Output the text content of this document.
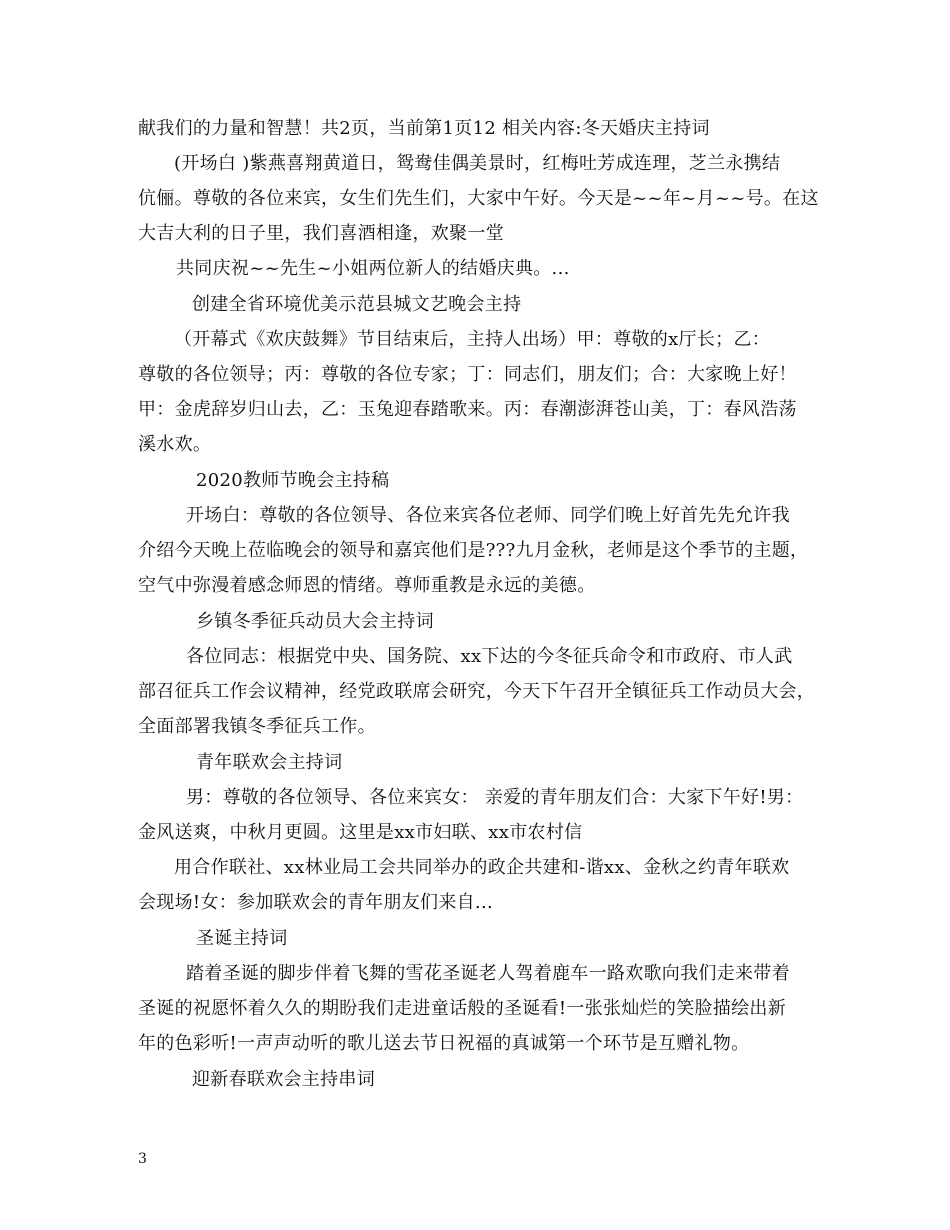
献我们的力量和智慧！共2页，当前第1页12 相关内容:冬天婚庆主持词
(开场白 )紫燕喜翔黄道日，鸳鸯佳偶美景时，红梅吐芳成连理，芝兰永携结
伉俪。尊敬的各位来宾，女生们先生们，大家中午好。今天是~~年~月~~号。在这
大吉大利的日子里，我们喜酒相逢，欢聚一堂
共同庆祝~~先生~小姐两位新人的结婚庆典。...
创建全省环境优美示范县城文艺晚会主持
（开幕式《欢庆鼓舞》节目结束后，主持人出场）甲：尊敬的x厅长；乙：
尊敬的各位领导；丙：尊敬的各位专家；丁：同志们，朋友们；合：大家晚上好！
甲：金虎辞岁归山去，乙：玉兔迎春踏歌来。丙：春潮澎湃苍山美，丁：春风浩荡
溪水欢。
2020教师节晚会主持稿
开场白：尊敬的各位领导、各位来宾各位老师、同学们晚上好首先先允许我
介绍今天晚上莅临晚会的领导和嘉宾他们是???九月金秋，老师是这个季节的主题，
空气中弥漫着感念师恩的情绪。尊师重教是永远的美德。
乡镇冬季征兵动员大会主持词
各位同志：根据党中央、国务院、xx下达的今冬征兵命令和市政府、市人武
部召征兵工作会议精神，经党政联席会研究，今天下午召开全镇征兵工作动员大会，
全面部署我镇冬季征兵工作。
青年联欢会主持词
男：尊敬的各位领导、各位来宾女： 亲爱的青年朋友们合：大家下午好!男：
金风送爽，中秋月更圆。这里是xx市妇联、xx市农村信
用合作联社、xx林业局工会共同举办的政企共建和-谐xx、金秋之约青年联欢
会现场!女：参加联欢会的青年朋友们来自...
圣诞主持词
踏着圣诞的脚步伴着飞舞的雪花圣诞老人驾着鹿车一路欢歌向我们走来带着
圣诞的祝愿怀着久久的期盼我们走进童话般的圣诞看!一张张灿烂的笑脸描绘出新
年的色彩听!一声声动听的歌儿送去节日祝福的真诚第一个环节是互赠礼物。
迎新春联欢会主持串词
3
